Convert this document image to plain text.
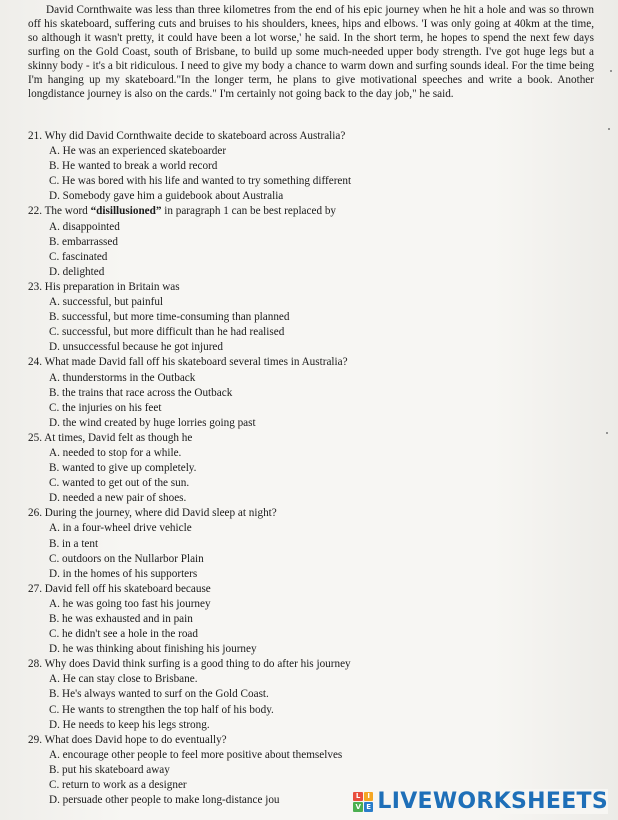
David Cornthwaite was less than three kilometres from the end of his epic journey when he hit a hole and was so thrown off his skateboard, suffering cuts and bruises to his shoulders, knees, hips and elbows. 'I was only going at 40km at the time, so although it wasn't pretty, it could have been a lot worse,' he said. In the short term, he hopes to spend the next few days surfing on the Gold Coast, south of Brisbane, to build up some much-needed upper body strength. I've got huge legs but a skinny body - it's a bit ridiculous. I need to give my body a chance to warm down and surfing sounds ideal. For the time being I'm hanging up my skateboard."In the longer term, he plans to give motivational speeches and write a book. Another longdistance journey is also on the cards." I'm certainly not going back to the day job," he said.

21. Why did David Cornthwaite decide to skateboard across Australia?
A. He was an experienced skateboarder
B. He wanted to break a world record
C. He was bored with his life and wanted to try something different
D. Somebody gave him a guidebook about Australia
22. The word “disillusioned” in paragraph 1 can be best replaced by
A. disappointed
B. embarrassed
C. fascinated
D. delighted
23. His preparation in Britain was
A. successful, but painful
B. successful, but more time-consuming than planned
C. successful, but more difficult than he had realised
D. unsuccessful because he got injured
24. What made David fall off his skateboard several times in Australia?
A. thunderstorms in the Outback
B. the trains that race across the Outback
C. the injuries on his feet
D. the wind created by huge lorries going past
25. At times, David felt as though he
A. needed to stop for a while.
B. wanted to give up completely.
C. wanted to get out of the sun.
D. needed a new pair of shoes.
26. During the journey, where did David sleep at night?
A. in a four-wheel drive vehicle
B. in a tent
C. outdoors on the Nullarbor Plain
D. in the homes of his supporters
27. David fell off his skateboard because
A. he was going too fast his journey
B. he was exhausted and in pain
C. he didn't see a hole in the road
D. he was thinking about finishing his journey
28. Why does David think surfing is a good thing to do after his journey
A. He can stay close to Brisbane.
B. He's always wanted to surf on the Gold Coast.
C. He wants to strengthen the top half of his body.
D. He needs to keep his legs strong.
29. What does David hope to do eventually?
A. encourage other people to feel more positive about themselves
B. put his skateboard away
C. return to work as a designer
D. persuade other people to make long-distance jou	L I
V E LIVEWORKSHEETS
